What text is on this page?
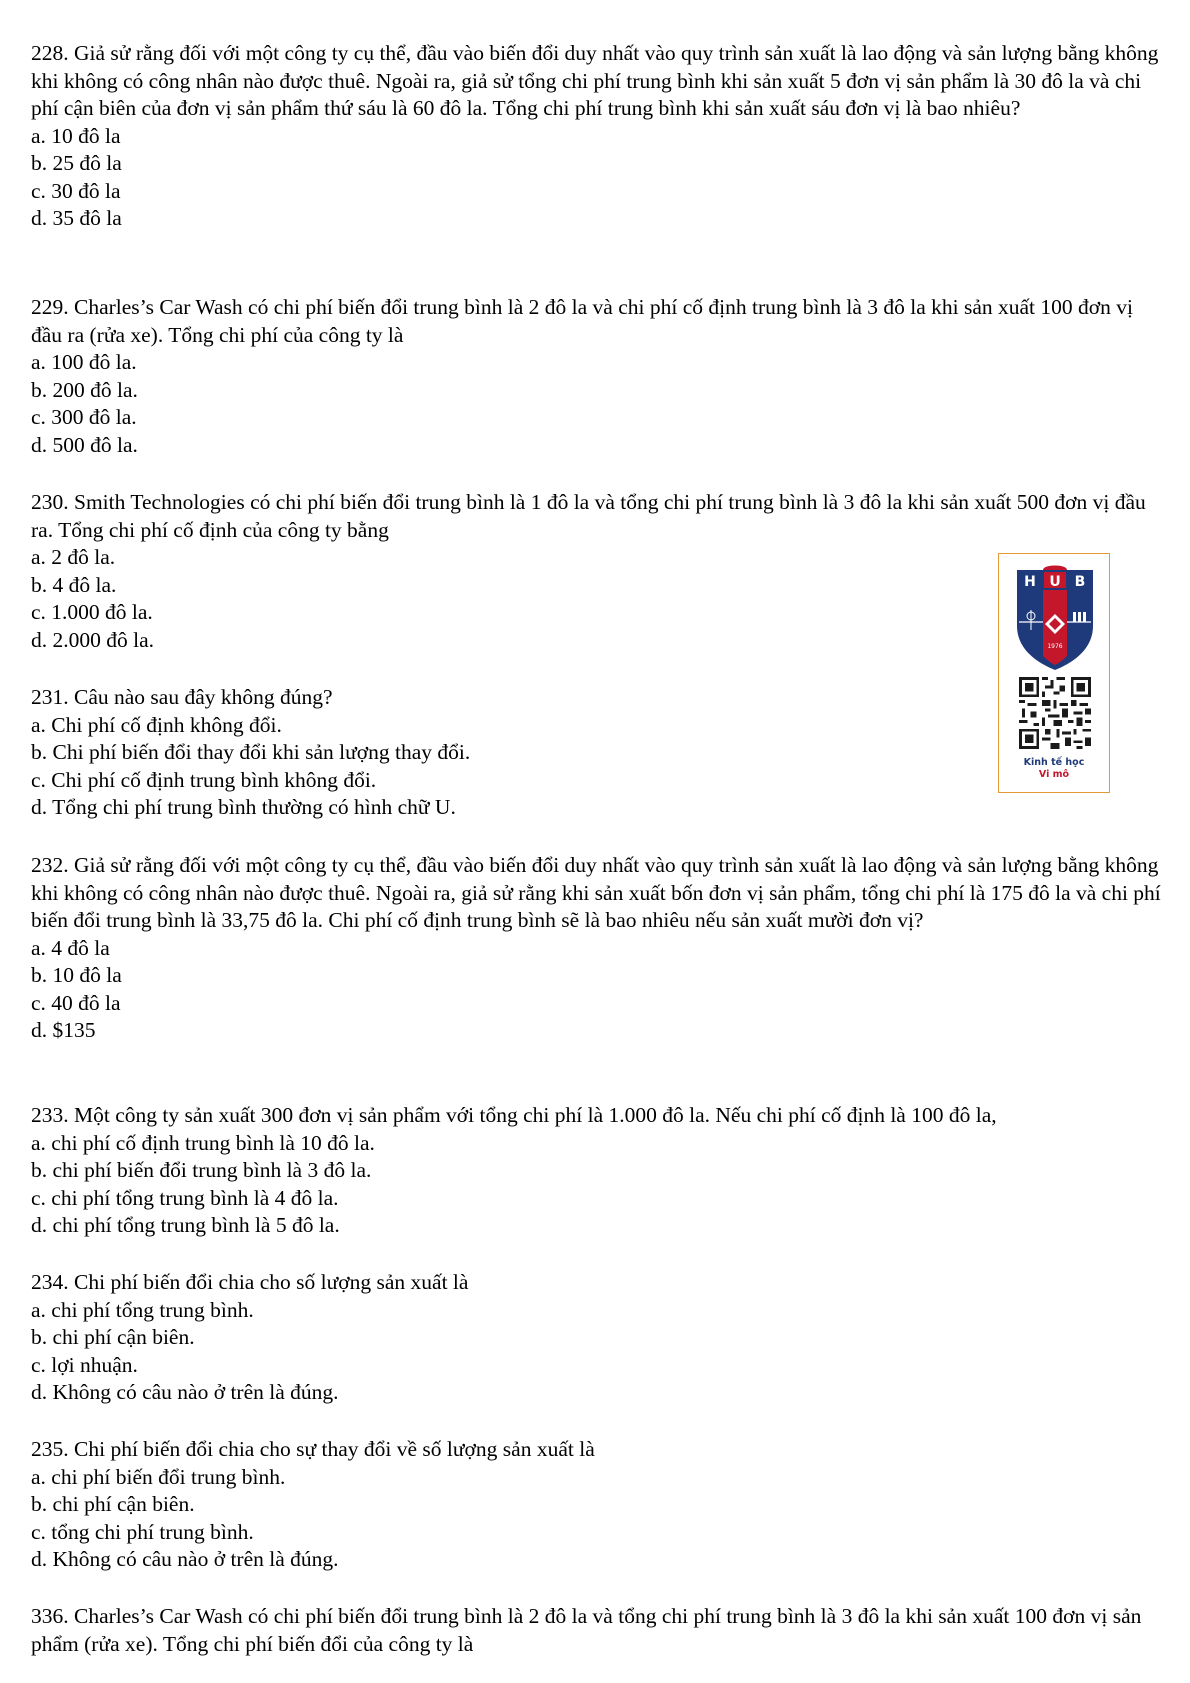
228. Giả sử rằng đối với một công ty cụ thể, đầu vào biến đổi duy nhất vào quy trình sản xuất là lao động và sản lượng bằng không khi không có công nhân nào được thuê. Ngoài ra, giả sử tổng chi phí trung bình khi sản xuất 5 đơn vị sản phẩm là 30 đô la và chi phí cận biên của đơn vị sản phẩm thứ sáu là 60 đô la. Tổng chi phí trung bình khi sản xuất sáu đơn vị là bao nhiêu?

a. 10 đô la

b. 25 đô la

c. 30 đô la

d. 35 đô la

229. Charles’s Car Wash có chi phí biến đổi trung bình là 2 đô la và chi phí cố định trung bình là 3 đô la khi sản xuất 100 đơn vị đầu ra (rửa xe). Tổng chi phí của công ty là

a. 100 đô la.

b. 200 đô la.

c. 300 đô la.

d. 500 đô la.

230. Smith Technologies có chi phí biến đổi trung bình là 1 đô la và tổng chi phí trung bình là 3 đô la khi sản xuất 500 đơn vị đầu ra. Tổng chi phí cố định của công ty bằng

a. 2 đô la.

b. 4 đô la.

c. 1.000 đô la.

d. 2.000 đô la.

231. Câu nào sau đây không đúng?

a. Chi phí cố định không đổi.

b. Chi phí biến đổi thay đổi khi sản lượng thay đổi.

c. Chi phí cố định trung bình không đổi.

d. Tổng chi phí trung bình thường có hình chữ U.

232. Giả sử rằng đối với một công ty cụ thể, đầu vào biến đổi duy nhất vào quy trình sản xuất là lao động và sản lượng bằng không khi không có công nhân nào được thuê. Ngoài ra, giả sử rằng khi sản xuất bốn đơn vị sản phẩm, tổng chi phí là 175 đô la và chi phí biến đổi trung bình là 33,75 đô la. Chi phí cố định trung bình sẽ là bao nhiêu nếu sản xuất mười đơn vị?

a. 4 đô la

b. 10 đô la

c. 40 đô la

d. $135

233. Một công ty sản xuất 300 đơn vị sản phẩm với tổng chi phí là 1.000 đô la. Nếu chi phí cố định là 100 đô la,

a. chi phí cố định trung bình là 10 đô la.

b. chi phí biến đổi trung bình là 3 đô la.

c. chi phí tổng trung bình là 4 đô la.

d. chi phí tổng trung bình là 5 đô la.

234. Chi phí biến đổi chia cho số lượng sản xuất là

a. chi phí tổng trung bình.

b. chi phí cận biên.

c. lợi nhuận.

d. Không có câu nào ở trên là đúng.

235. Chi phí biến đổi chia cho sự thay đổi về số lượng sản xuất là

a. chi phí biến đổi trung bình.

b. chi phí cận biên.

c. tổng chi phí trung bình.

d. Không có câu nào ở trên là đúng.

336. Charles’s Car Wash có chi phí biến đổi trung bình là 2 đô la và tổng chi phí trung bình là 3 đô la khi sản xuất 100 đơn vị sản phẩm (rửa xe). Tổng chi phí biến đổi của công ty là

H U B
1976
Kinh tế học
Vi mô
